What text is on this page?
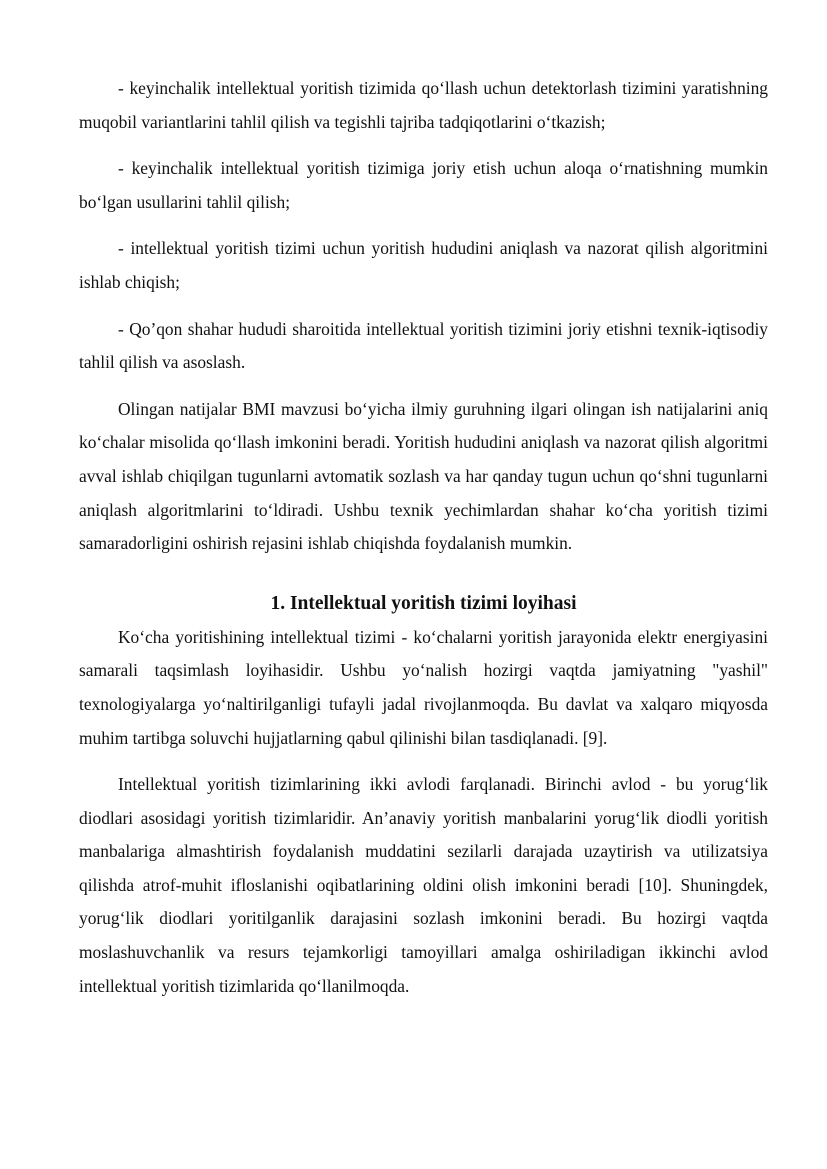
- keyinchalik intellektual yoritish tizimida qo‘llash uchun detektorlash tizimini yaratishning muqobil variantlarini tahlil qilish va tegishli tajriba tadqiqotlarini o‘tkazish;

- keyinchalik intellektual yoritish tizimiga joriy etish uchun aloqa o‘rnatishning mumkin bo‘lgan usullarini tahlil qilish;

- intellektual yoritish tizimi uchun yoritish hududini aniqlash va nazorat qilish algoritmini ishlab chiqish;

- Qo’qon shahar hududi sharoitida intellektual yoritish tizimini joriy etishni texnik-iqtisodiy tahlil qilish va asoslash.

Olingan natijalar BMI mavzusi bo‘yicha ilmiy guruhning ilgari olingan ish natijalarini aniq ko‘chalar misolida qo‘llash imkonini beradi. Yoritish hududini aniqlash va nazorat qilish algoritmi avval ishlab chiqilgan tugunlarni avtomatik sozlash va har qanday tugun uchun qo‘shni tugunlarni aniqlash algoritmlarini to‘ldiradi. Ushbu texnik yechimlardan shahar ko‘cha yoritish tizimi samaradorligini oshirish rejasini ishlab chiqishda foydalanish mumkin.

1. Intellektual yoritish tizimi loyihasi

Ko‘cha yoritishining intellektual tizimi - ko‘chalarni yoritish jarayonida elektr energiyasini samarali taqsimlash loyihasidir. Ushbu yo‘nalish hozirgi vaqtda jamiyatning "yashil" texnologiyalarga yo‘naltirilganligi tufayli jadal rivojlanmoqda. Bu davlat va xalqaro miqyosda muhim tartibga soluvchi hujjatlarning qabul qilinishi bilan tasdiqlanadi. [9].

Intellektual yoritish tizimlarining ikki avlodi farqlanadi. Birinchi avlod - bu yorug‘lik diodlari asosidagi yoritish tizimlaridir. An’anaviy yoritish manbalarini yorug‘lik diodli yoritish manbalariga almashtirish foydalanish muddatini sezilarli darajada uzaytirish va utilizatsiya qilishda atrof-muhit ifloslanishi oqibatlarining oldini olish imkonini beradi [10]. Shuningdek, yorug‘lik diodlari yoritilganlik darajasini sozlash imkonini beradi. Bu hozirgi vaqtda moslashuvchanlik va resurs tejamkorligi tamoyillari amalga oshiriladigan ikkinchi avlod intellektual yoritish tizimlarida qo‘llanilmoqda.
